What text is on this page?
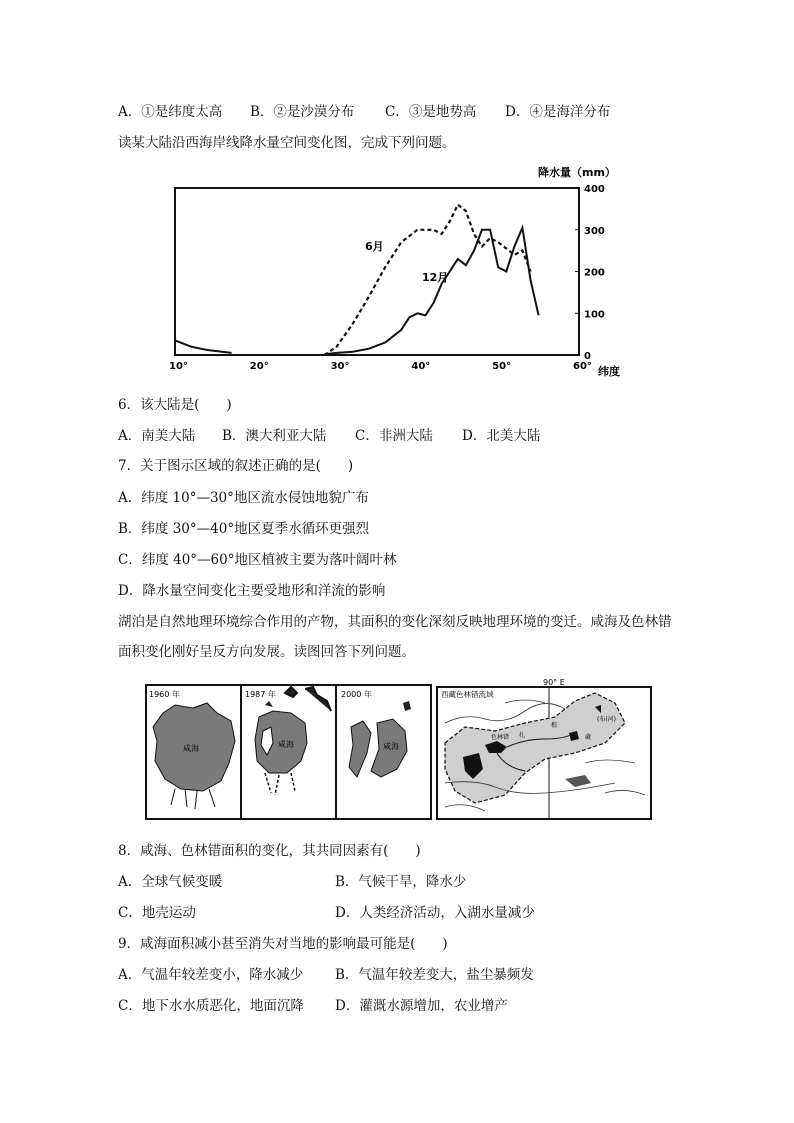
A．①是纬度太高 B．②是沙漠分布 C．③是地势高 D．④是海洋分布
读某大陆沿西海岸线降水量空间变化图，完成下列问题。
10°	20°	30°	40°	50°	60°
0
100
200
300
400
降水量（mm）
纬度
6月
12月
6．该大陆是(　　)
A．南美大陆 B．澳大利亚大陆 C．非洲大陆 D．北美大陆
7．关于图示区域的叙述正确的是(　　)
A．纬度 10°—30°地区流水侵蚀地貌广布
B．纬度 30°—40°地区夏季水循环更强烈
C．纬度 40°—60°地区植被主要为落叶阔叶林
D．降水量空间变化主要受地形和洋流的影响
湖泊是自然地理环境综合作用的产物，其面积的变化深刻反映地理环境的变迁。咸海及色林错面积变化刚好呈反方向发展。读图回答下列问题。
1960 年
咸海
1987 年
咸海
2000 年
咸海
90° E
西藏色林错流域
色林错 扎
根
(布(河)
藏
8．咸海、色林错面积的变化，其共同因素有(　　)
A．全球气候变暖	B．气候干旱，降水少
C．地壳运动	D．人类经济活动，入湖水量减少
9．咸海面积减小甚至消失对当地的影响最可能是(　　)
A．气温年较差变小，降水减少 B．气温年较差变大，盐尘暴频发
C．地下水水质恶化，地面沉降 D．灌溉水源增加，农业增产
